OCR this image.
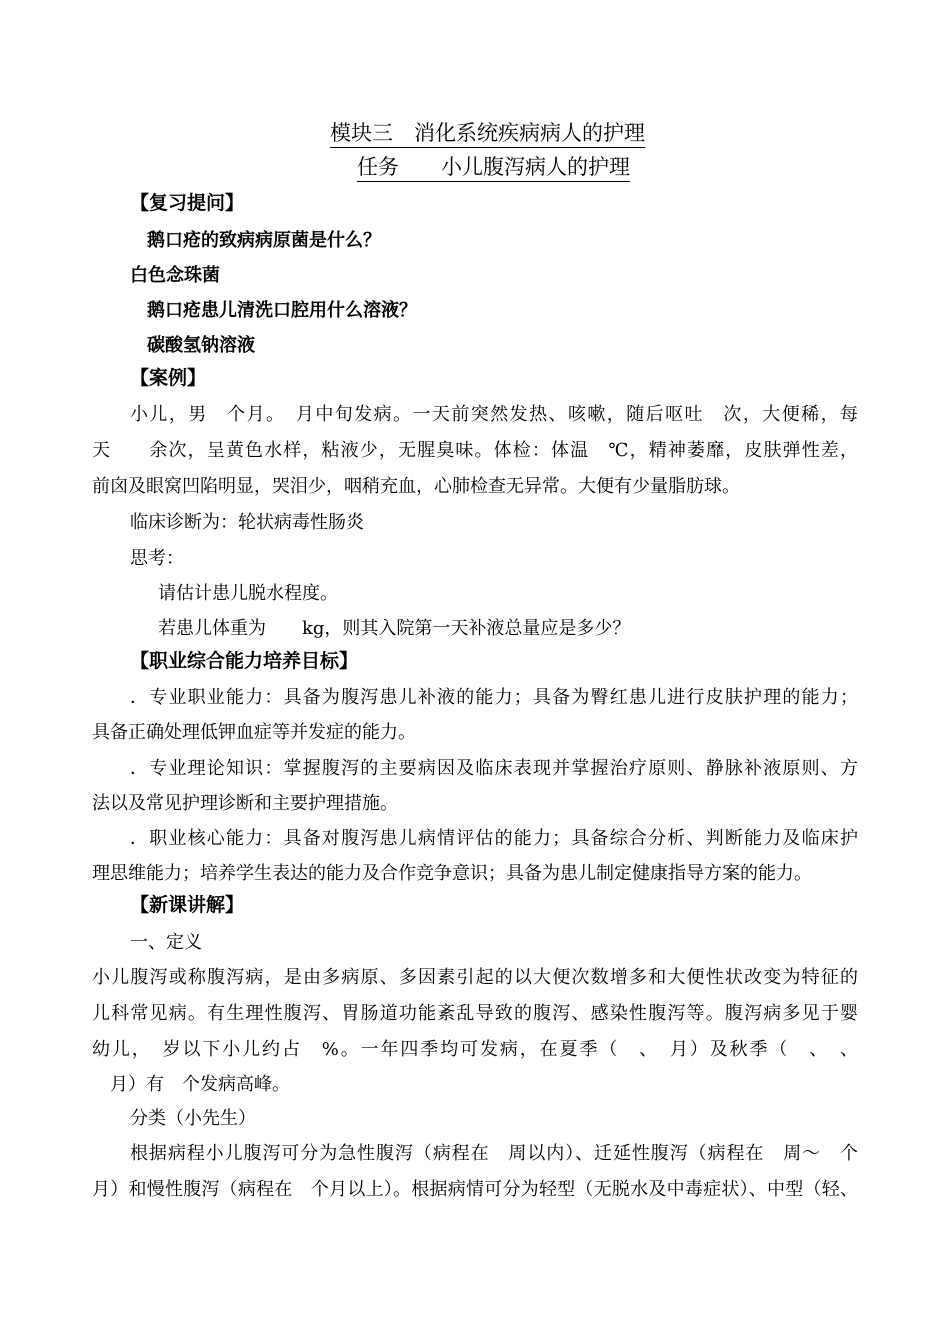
模块三　消化系统疾病病人的护理
任务　　小儿腹泻病人的护理
【复习提问】
鹅口疮的致病病原菌是什么？
白色念珠菌
鹅口疮患儿清洗口腔用什么溶液？
碳酸氢钠溶液
【案例】
小儿，男　个月。　月中旬发病。一天前突然发热、咳嗽，随后呕吐　次，大便稀，每
天　　余次，呈黄色水样，粘液少，无腥臭味。体检：体温　℃，精神萎靡，皮肤弹性差，
前囟及眼窝凹陷明显，哭泪少，咽稍充血，心肺检查无异常。大便有少量脂肪球。
临床诊断为：轮状病毒性肠炎
思考：
请估计患儿脱水程度。
若患儿体重为　　kg，则其入院第一天补液总量应是多少？
【职业综合能力培养目标】
．专业职业能力：具备为腹泻患儿补液的能力；具备为臀红患儿进行皮肤护理的能力；
具备正确处理低钾血症等并发症的能力。
．专业理论知识：掌握腹泻的主要病因及临床表现并掌握治疗原则、静脉补液原则、方
法以及常见护理诊断和主要护理措施。
．职业核心能力：具备对腹泻患儿病情评估的能力；具备综合分析、判断能力及临床护
理思维能力；培养学生表达的能力及合作竞争意识；具备为患儿制定健康指导方案的能力。
【新课讲解】
一、定义
小儿腹泻或称腹泻病，是由多病原、多因素引起的以大便次数增多和大便性状改变为特征的
儿科常见病。有生理性腹泻、胃肠道功能紊乱导致的腹泻、感染性腹泻等。腹泻病多见于婴
幼儿，　岁以下小儿约占　%。一年四季均可发病，在夏季（　、　月）及秋季（　、　、
　月）有　个发病高峰。
分类（小先生）
根据病程小儿腹泻可分为急性腹泻（病程在　周以内）、迁延性腹泻（病程在　周～　个
月）和慢性腹泻（病程在　个月以上）。根据病情可分为轻型（无脱水及中毒症状）、中型（轻、
